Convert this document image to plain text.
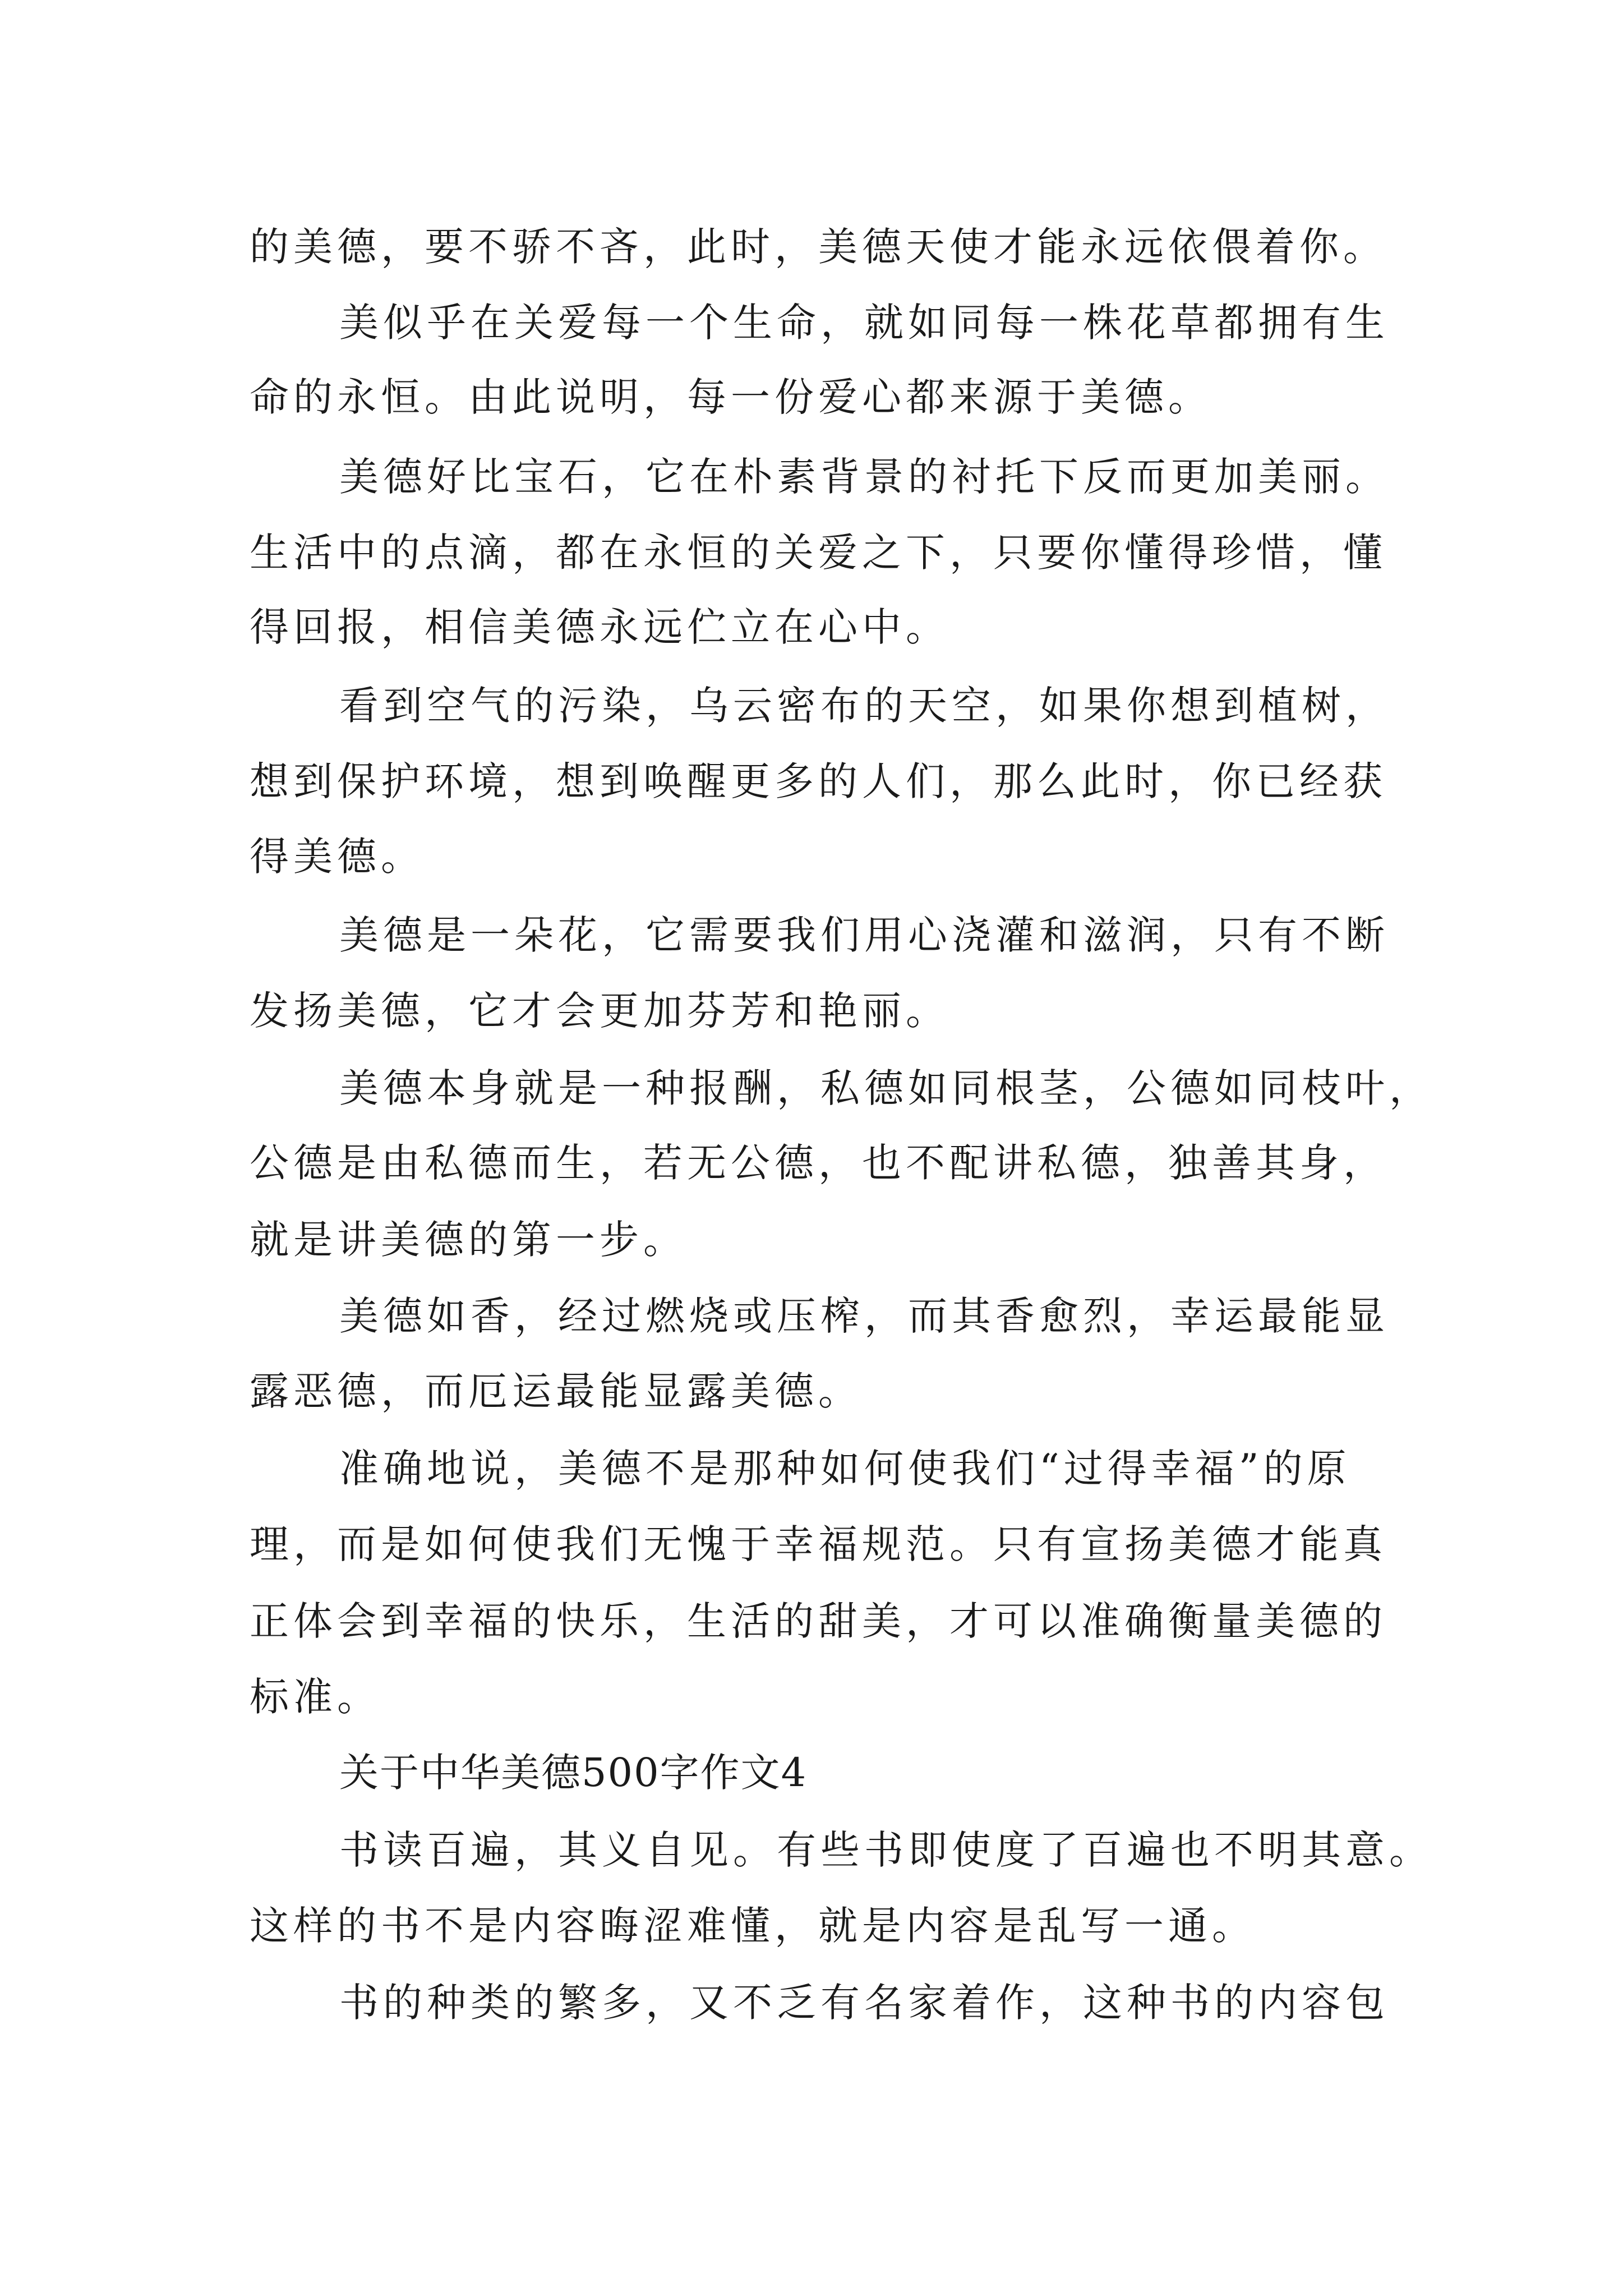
的美德，要不骄不吝，此时，美德天使才能永远依偎着你。
美似乎在关爱每一个生命，就如同每一株花草都拥有生
命的永恒。由此说明，每一份爱心都来源于美德。
美德好比宝石，它在朴素背景的衬托下反而更加美丽。
生活中的点滴，都在永恒的关爱之下，只要你懂得珍惜，懂
得回报，相信美德永远伫立在心中。
看到空气的污染，乌云密布的天空，如果你想到植树，
想到保护环境，想到唤醒更多的人们，那么此时，你已经获
得美德。
美德是一朵花，它需要我们用心浇灌和滋润，只有不断
发扬美德，它才会更加芬芳和艳丽。
美德本身就是一种报酬，私德如同根茎，公德如同枝叶，
公德是由私德而生，若无公德，也不配讲私德，独善其身，
就是讲美德的第一步。
美德如香，经过燃烧或压榨，而其香愈烈，幸运最能显
露恶德，而厄运最能显露美德。
准确地说，美德不是那种如何使我们“过得幸福”的原
理，而是如何使我们无愧于幸福规范。只有宣扬美德才能真
正体会到幸福的快乐，生活的甜美，才可以准确衡量美德的
标准。
关于中华美德500字作文4
书读百遍，其义自见。有些书即使度了百遍也不明其意。
这样的书不是内容晦涩难懂，就是内容是乱写一通。
书的种类的繁多，又不乏有名家着作，这种书的内容包
